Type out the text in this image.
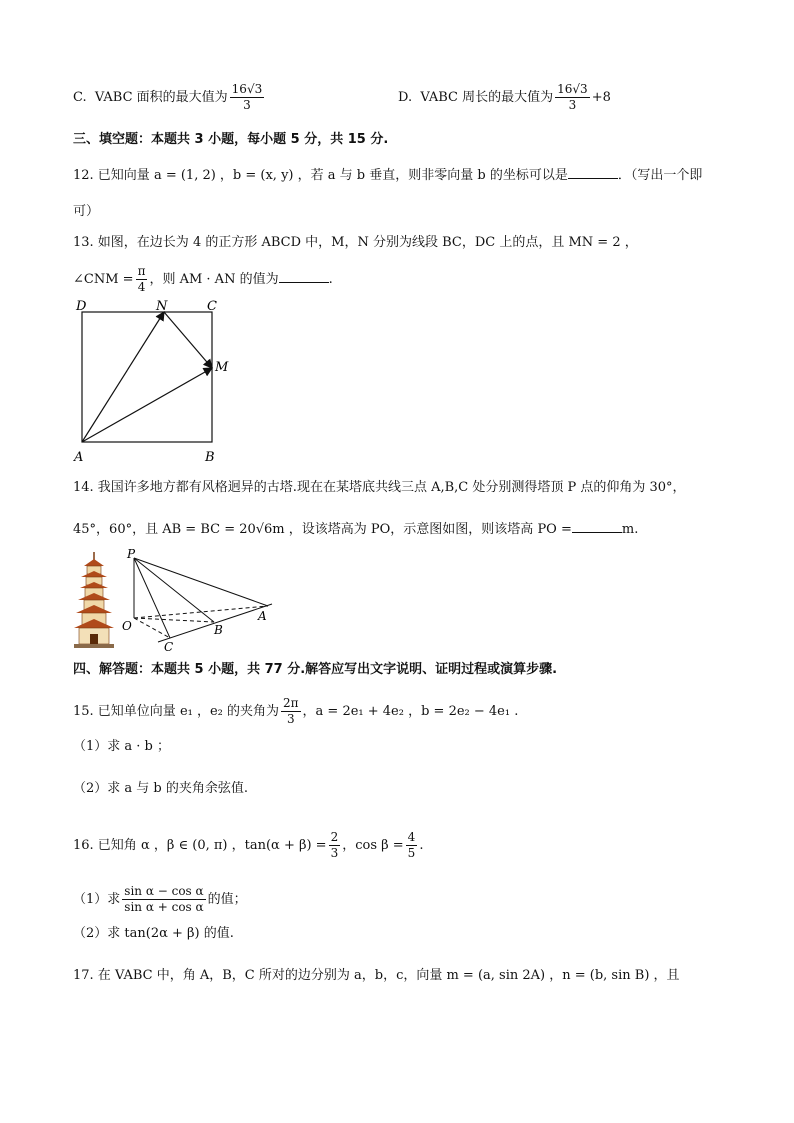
C. VABC 面积的最大值为 $\frac{16√3}{3}$	D. VABC 周长的最大值为 $\frac{16√3}{3} +8$
三、填空题：本题共 3 小题，每小题 5 分，共 15 分.
12. 已知向量 a = (1, 2) ，b = (x, y) ，若 a 与 b 垂直，则非零向量 b 的坐标可以是	．（写出一个即
可）
13. 如图，在边长为 4 的正方形 ABCD 中，M，N 分别为线段 BC，DC 上的点，且 MN = 2 ，
∠CNM = $\frac{\pi}{4}$ ，则 AM · AN 的值为	.
D	N	C
M
A	B
14. 我国许多地方都有风格迥异的古塔.现在在某塔底共线三点 A,B,C 处分别测得塔顶 P 点的仰角为 30°，
45°，60°，且 AB = BC = 20√6m ，设该塔高为 PO，示意图如图，则该塔高 PO =	m.
P
O	B
A
C
四、解答题：本题共 5 小题，共 77 分.解答应写出文字说明、证明过程或演算步骤.
15. 已知单位向量 e₁ ，e₂ 的夹角为 $\frac{2\pi}{3}$ ，a = 2e₁ + 4e₂ ，b = 2e₂ − 4e₁ .
（1）求 a · b ；
（2）求 a 与 b 的夹角余弦值.
16. 已知角 α ，β ∈ (0, π) ，$\tan(\alpha + \beta) = \frac{2}{3}$ ，$\cos \beta = \frac{4}{5}$ .
（1）求 $\frac{\text{sin α − cos α}}{\text{sin α + cos α}}$ 的值；
（2）求 tan(2α + β) 的值.
17. 在 VABC 中，角 A，B，C 所对的边分别为 a，b，c，向量 m = (a, sin 2A) ，n = (b, sin B) ，且
